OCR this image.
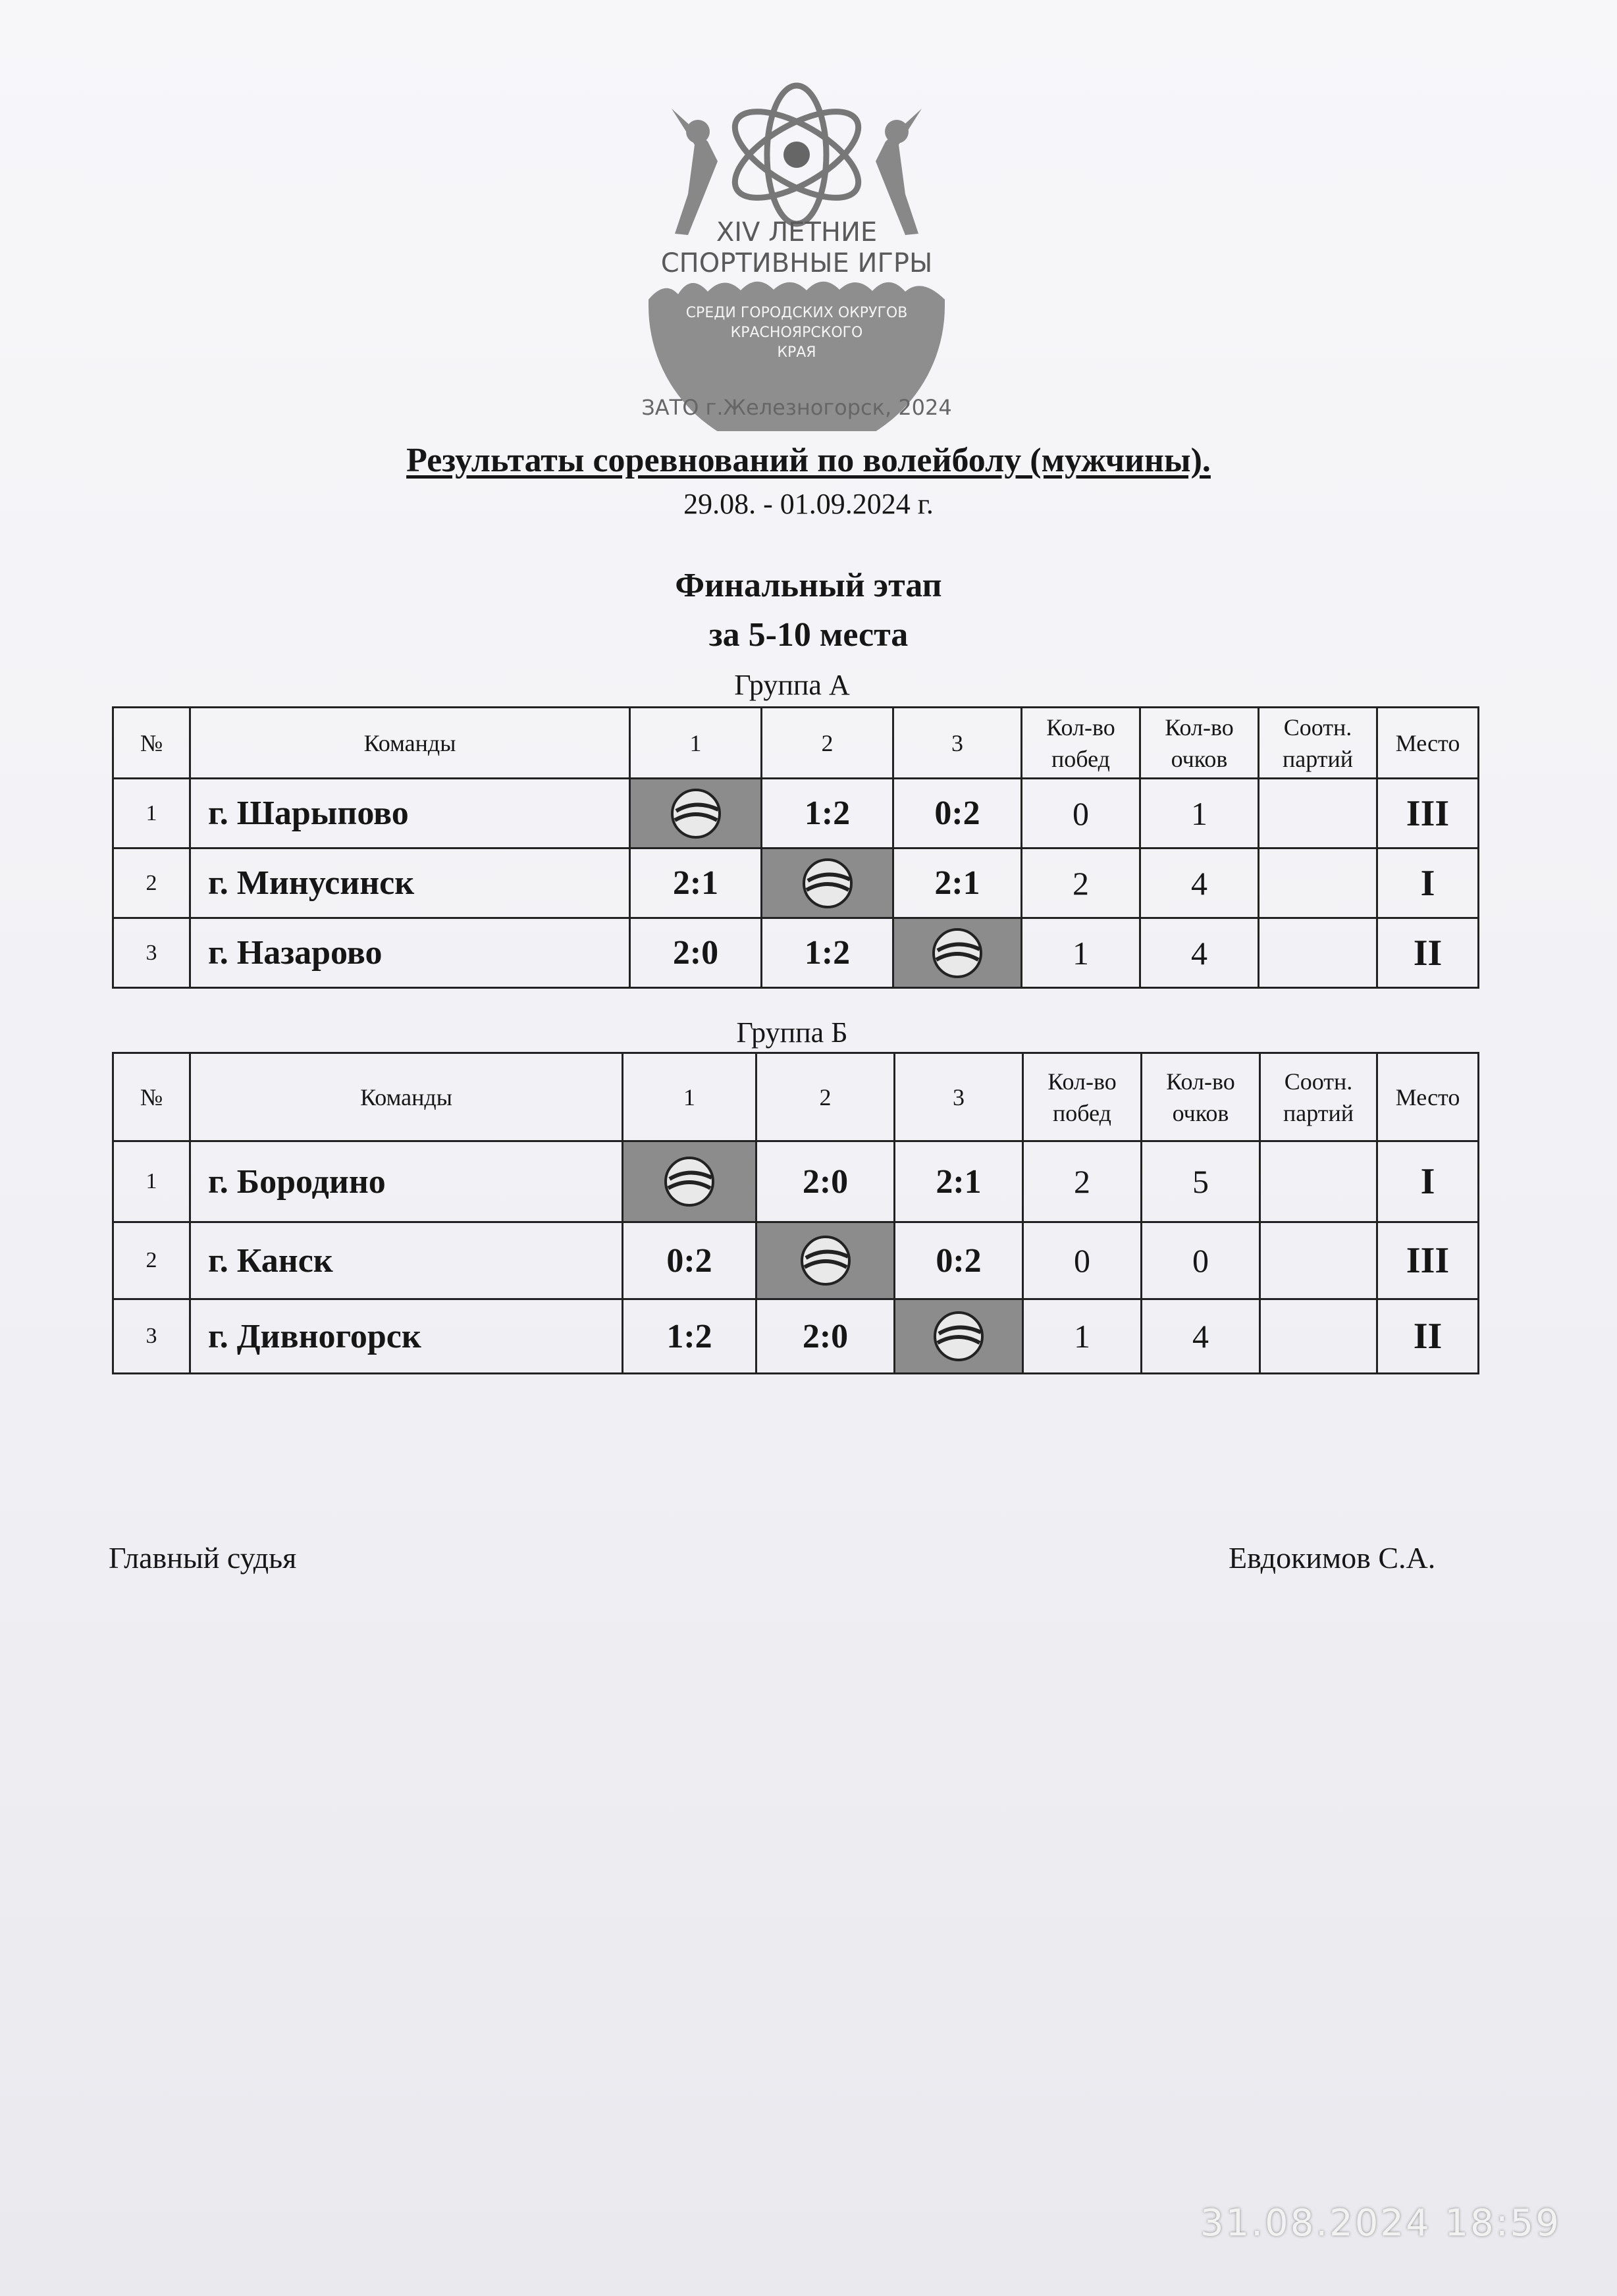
XIV ЛЕТНИЕ
СПОРТИВНЫЕ ИГРЫ
СРЕДИ ГОРОДСКИХ ОКРУГОВ
КРАСНОЯРСКОГО
КРАЯ
ЗАТО г.Железногорск, 2024
Результаты соревнований по волейболу (мужчины).
29.08. - 01.09.2024 г.
Финальный этап
за 5-10 места
Группа А
№	Команды	1	2	3	Кол-во побед	Кол-во очков	Соотн. партий	Место
1	г. Шарыпово		1:2	0:2	0	1		III
2	г. Минусинск	2:1		2:1	2	4		I
3	г. Назарово	2:0	1:2		1	4		II
Группа Б
№	Команды	1	2	3	Кол-во побед	Кол-во очков	Соотн. партий	Место
1	г. Бородино		2:0	2:1	2	5		I
2	г. Канск	0:2		0:2	0	0		III
3	г. Дивногорск	1:2	2:0		1	4		II
Главный судья	Евдокимов С.А.
31.08.2024 18:59
